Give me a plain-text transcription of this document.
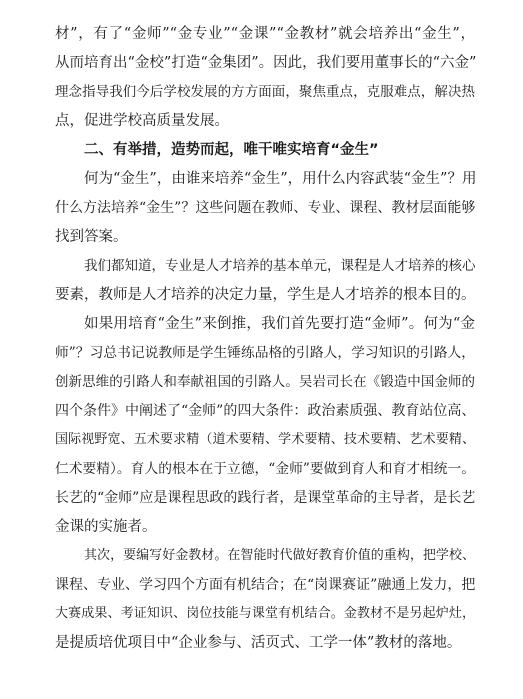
材”，有了“金师”“金专业”“金课”“金教材”就会培养出“金生”，
从而培育出“金校”打造“金集团”。因此，我们要用董事长的“六金”
理念指导我们今后学校发展的方方面面，聚焦重点，克服难点，解决热
点，促进学校高质量发展。
二、有举措，造势而起，唯干唯实培育“金生”
何为“金生”，由谁来培养“金生”，用什么内容武装“金生”？用
什么方法培养“金生”？这些问题在教师、专业、课程、教材层面能够
找到答案。
我们都知道，专业是人才培养的基本单元，课程是人才培养的核心
要素，教师是人才培养的决定力量，学生是人才培养的根本目的。
如果用培育“金生”来倒推，我们首先要打造“金师”。何为“金
师”？习总书记说教师是学生锤练品格的引路人，学习知识的引路人，
创新思维的引路人和奉献祖国的引路人。吴岩司长在《锻造中国金师的
四个条件》中阐述了“金师”的四大条件：政治素质强、教育站位高、
国际视野宽、五术要求精（道术要精、学术要精、技术要精、艺术要精、
仁术要精）。育人的根本在于立德，“金师”要做到育人和育才相统一。
长艺的“金师”应是课程思政的践行者，是课堂革命的主导者，是长艺
金课的实施者。
其次，要编写好金教材。在智能时代做好教育价值的重构，把学校、
课程、专业、学习四个方面有机结合；在“岗课赛证”融通上发力，把
大赛成果、考证知识、岗位技能与课堂有机结合。金教材不是另起炉灶，
是提质培优项目中“企业参与、活页式、工学一体”教材的落地。
